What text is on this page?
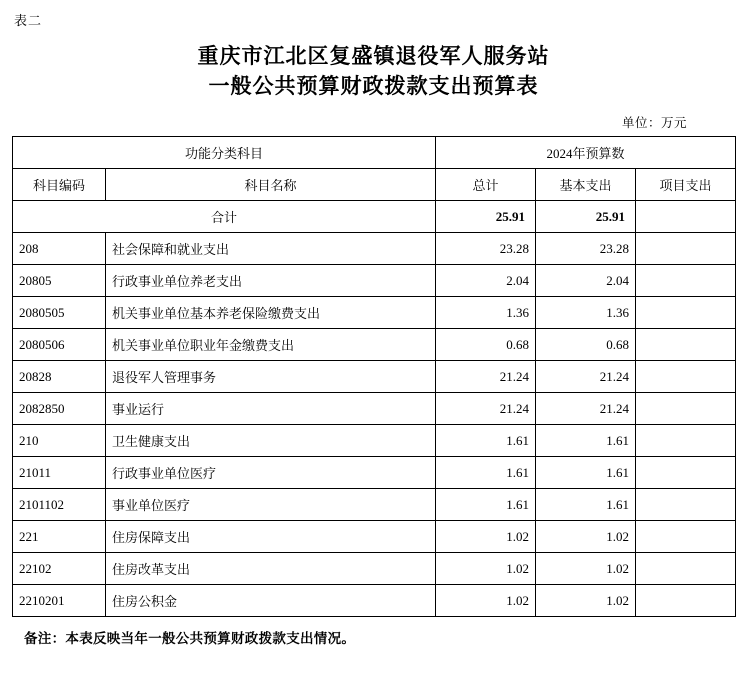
表二
重庆市江北区复盛镇退役军人服务站
一般公共预算财政拨款支出预算表
单位：万元
功能分类科目		2024年预算数		
科目编码	科目名称	总计	基本支出	项目支出
合计		25.91	25.91	
208	社会保障和就业支出	23.28	23.28	
20805	行政事业单位养老支出	2.04	2.04	
2080505	机关事业单位基本养老保险缴费支出	1.36	1.36	
2080506	机关事业单位职业年金缴费支出	0.68	0.68	
20828	退役军人管理事务	21.24	21.24	
2082850	事业运行	21.24	21.24	
210	卫生健康支出	1.61	1.61	
21011	行政事业单位医疗	1.61	1.61	
2101102	事业单位医疗	1.61	1.61	
221	住房保障支出	1.02	1.02	
22102	住房改革支出	1.02	1.02	
2210201	住房公积金	1.02	1.02	
备注：本表反映当年一般公共预算财政拨款支出情况。
